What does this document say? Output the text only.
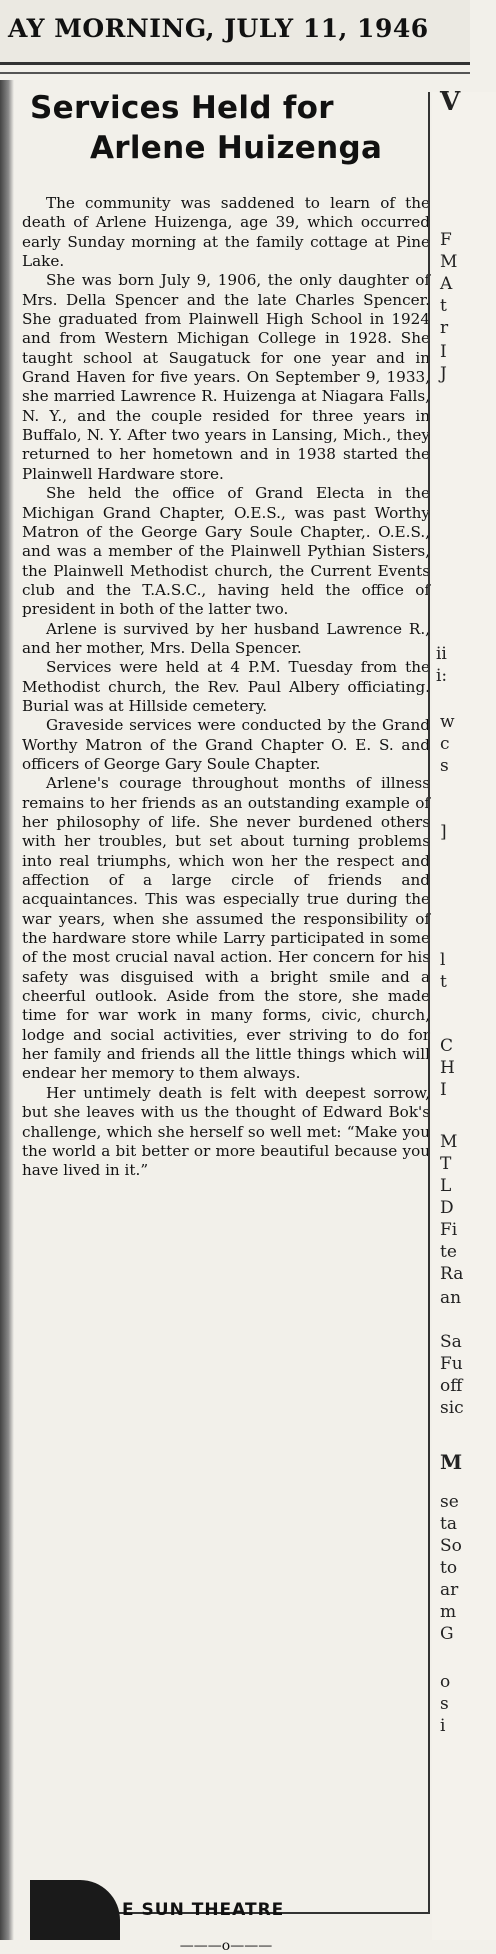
AY MORNING, JULY 11, 1946
Services Held for
Arlene Huizenga

The community was saddened to learn of the death of Arlene Huizenga, age 39, which occurred early Sunday morning at the family cottage at Pine Lake.

She was born July 9, 1906, the only daughter of Mrs. Della Spencer and the late Charles Spencer. She graduated from Plainwell High School in 1924 and from Western Michigan College in 1928. She taught school at Saugatuck for one year and in Grand Haven for five years. On September 9, 1933, she married Lawrence R. Huizenga at Niagara Falls, N. Y., and the couple resided for three years in Buffalo, N. Y. After two years in Lansing, Mich., they returned to her hometown and in 1938 started the Plainwell Hardware store.

She held the office of Grand Electa in the Michigan Grand Chapter, O.E.S., was past Worthy Matron of the George Gary Soule Chapter,. O.E.S., and was a member of the Plainwell Pythian Sisters, the Plainwell Methodist church, the Current Events club and the T.A.S.C., having held the office of president in both of the latter two.

Arlene is survived by her husband Lawrence R., and her mother, Mrs. Della Spencer.

Services were held at 4 P.M. Tuesday from the Methodist church, the Rev. Paul Albery officiating. Burial was at Hillside cemetery.

Graveside services were conducted by the Grand Worthy Matron of the Grand Chapter O. E. S. and officers of George Gary Soule Chapter.

Arlene's courage throughout months of illness remains to her friends as an outstanding example of her philosophy of life. She never burdened others with her troubles, but set about turning problems into real triumphs, which won her the respect and affection of a large circle of friends and acquaintances. This was especially true during the war years, when she assumed the responsibility of the hardware store while Larry participated in some of the most crucial naval action. Her concern for his safety was disguised with a bright smile and a cheerful outlook. Aside from the store, she made time for war work in many forms, civic, church, lodge and social activities, ever striving to do for her family and friends all the little things which will endear her memory to them always.

Her untimely death is felt with deepest sorrow, but she leaves with us the thought of Edward Bok's challenge, which she herself so well met: “Make you the world a bit better or more beautiful because you have lived in it.”

———o———
V
F
M
A
t
r
I
J
ii
i:
w
c
s
]
l
t
C
H
I
M
T
L
D
Fi
te
Ra
an
Sa
Fu
off
sic
M
se
ta
So
to
ar
m
G
o
s
i
E SUN THEATRE
